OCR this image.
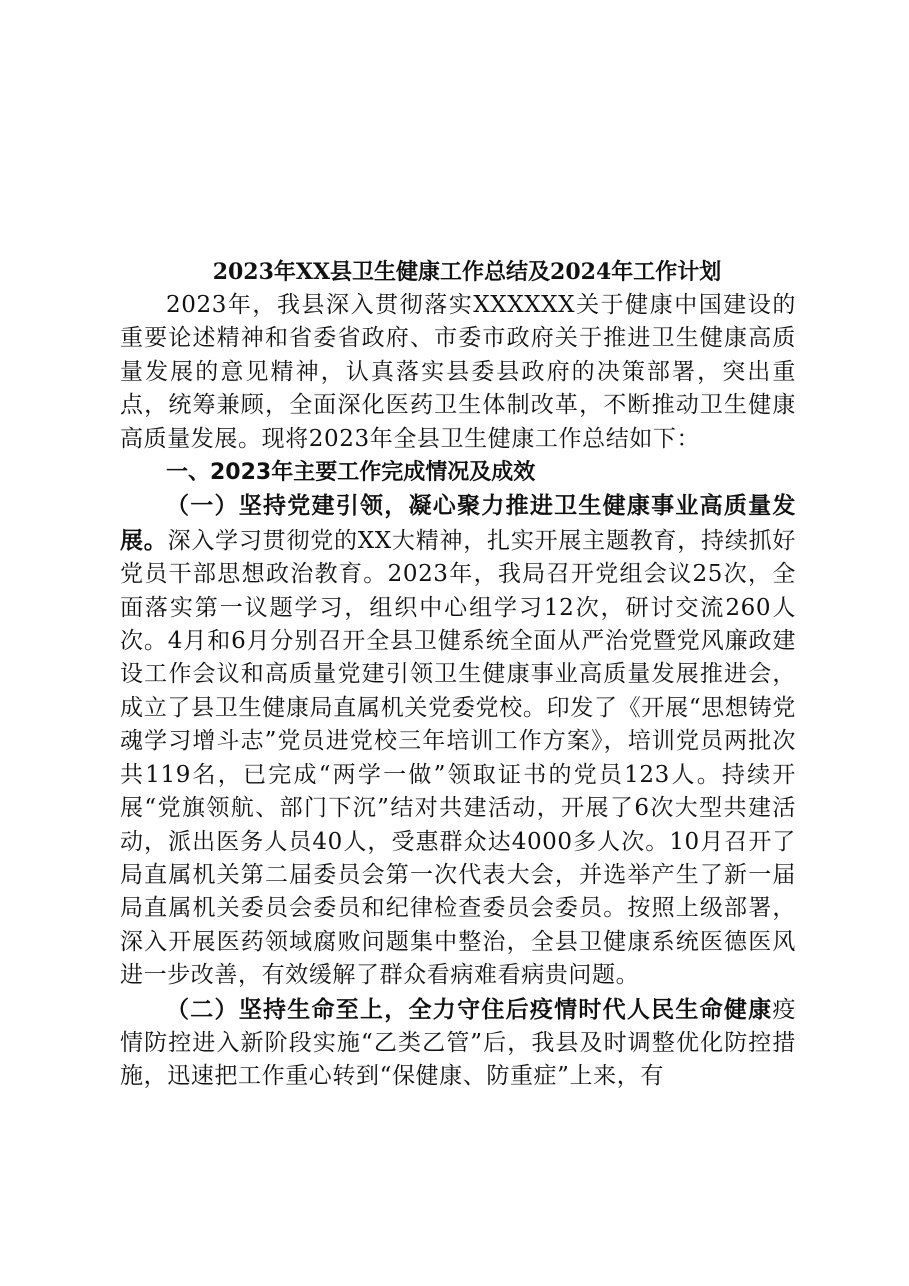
2023年XX县卫生健康工作总结及2024年工作计划

2023年，我县深入贯彻落实XXXXXX关于健康中国建设的重要论述精神和省委省政府、市委市政府关于推进卫生健康高质量发展的意见精神，认真落实县委县政府的决策部署，突出重点，统筹兼顾，全面深化医药卫生体制改革，不断推动卫生健康高质量发展。现将2023年全县卫生健康工作总结如下：

一、2023年主要工作完成情况及成效

（一）坚持党建引领，凝心聚力推进卫生健康事业高质量发展。深入学习贯彻党的XX大精神，扎实开展主题教育，持续抓好党员干部思想政治教育。2023年，我局召开党组会议25次，全面落实第一议题学习，组织中心组学习12次，研讨交流260人次。4月和6月分别召开全县卫健系统全面从严治党暨党风廉政建设工作会议和高质量党建引领卫生健康事业高质量发展推进会，成立了县卫生健康局直属机关党委党校。印发了《开展“思想铸党魂学习增斗志”党员进党校三年培训工作方案》，培训党员两批次共119名，已完成“两学一做”领取证书的党员123人。持续开展“党旗领航、部门下沉”结对共建活动，开展了6次大型共建活动，派出医务人员40人，受惠群众达4000多人次。10月召开了局直属机关第二届委员会第一次代表大会，并选举产生了新一届局直属机关委员会委员和纪律检查委员会委员。按照上级部署，深入开展医药领域腐败问题集中整治，全县卫健康系统医德医风进一步改善，有效缓解了群众看病难看病贵问题。

（二）坚持生命至上，全力守住后疫情时代人民生命健康疫情防控进入新阶段实施“乙类乙管”后，我县及时调整优化防控措施，迅速把工作重心转到“保健康、防重症”上来，有
